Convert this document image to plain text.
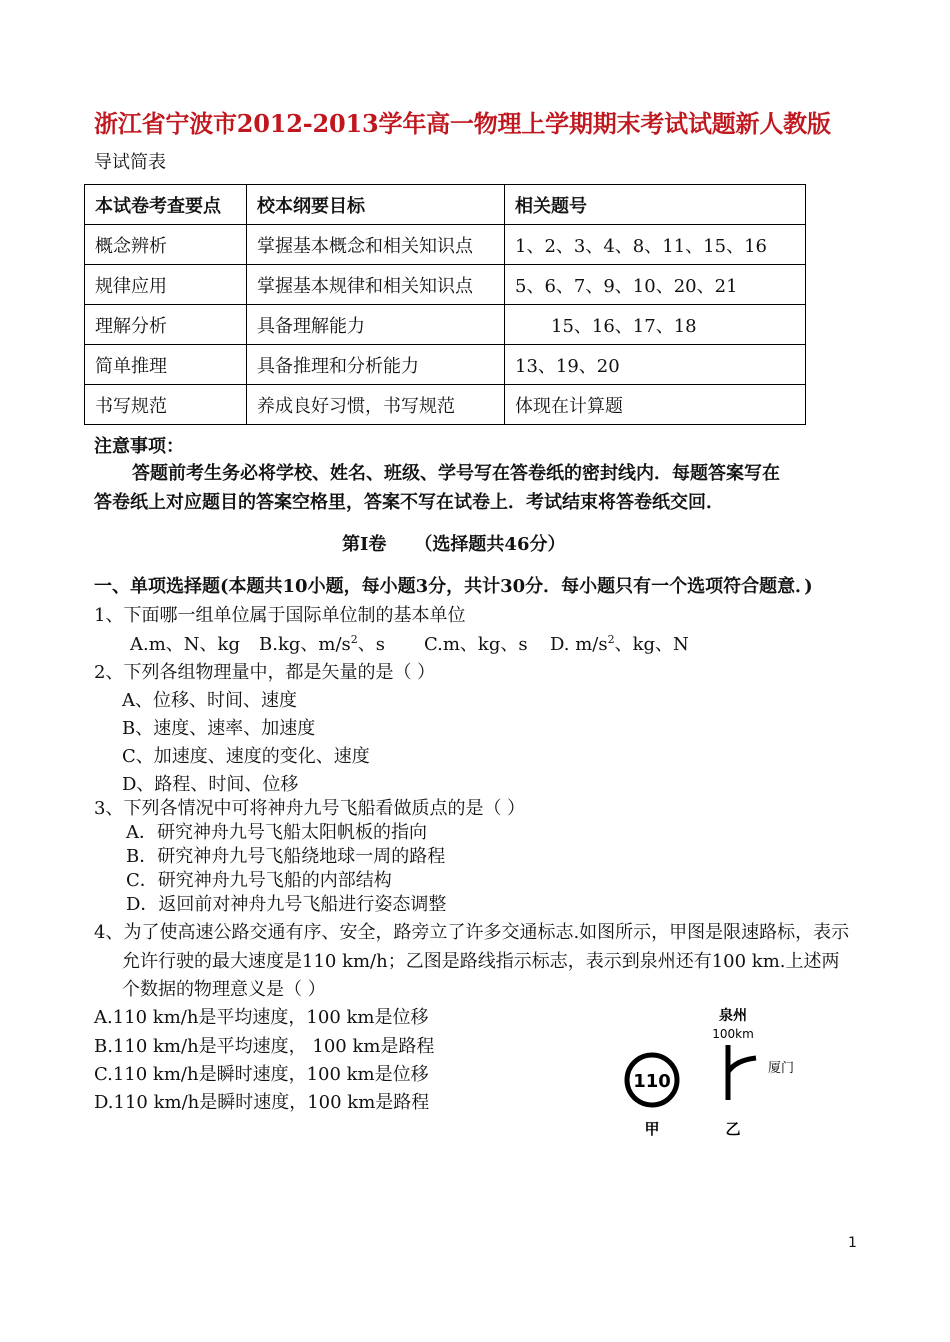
浙江省宁波市2012-2013学年高一物理上学期期末考试试题新人教版
导试简表
本试卷考查要点	校本纲要目标	相关题号
概念辨析	掌握基本概念和相关知识点	1、2、3、4、8、11、15、16
规律应用	掌握基本规律和相关知识点	5、6、7、9、10、20、21
理解分析	具备理解能力	15、16、17、18
简单推理	具备推理和分析能力	13、19、20
书写规范	养成良好习惯，书写规范	体现在计算题
注意事项：
答题前考生务必将学校、姓名、班级、学号写在答卷纸的密封线内．每题答案写在
答卷纸上对应题目的答案空格里，答案不写在试卷上．考试结束将答卷纸交回．
第Ⅰ卷 （选择题共46分）
一、单项选择题(本题共10小题，每小题3分，共计30分．每小题只有一个选项符合题意．)
1、下面哪一组单位属于国际单位制的基本单位
A.m、N、kg B.kg、$m/s^2$、s C.m、kg、s D. $m/s^2$、kg、N
2、下列各组物理量中，都是矢量的是（ ）
A、位移、时间、速度
B、速度、速率、加速度
C、加速度、速度的变化、速度
D、路程、时间、位移
3、下列各情况中可将神舟九号飞船看做质点的是（ ）
A．研究神舟九号飞船太阳帆板的指向
B．研究神舟九号飞船绕地球一周的路程
C．研究神舟九号飞船的内部结构
D．返回前对神舟九号飞船进行姿态调整
4、为了使高速公路交通有序、安全，路旁立了许多交通标志.如图所示，甲图是限速路标，表示
允许行驶的最大速度是110 km/h；乙图是路线指示标志，表示到泉州还有100 km.上述两
个数据的物理意义是（ ）
A.110 km/h是平均速度，100 km是位移
B.110 km/h是平均速度， 100 km是路程
C.110 km/h是瞬时速度，100 km是位移
D.110 km/h是瞬时速度，100 km是路程
110
甲
泉州
100km
厦门
乙
1
